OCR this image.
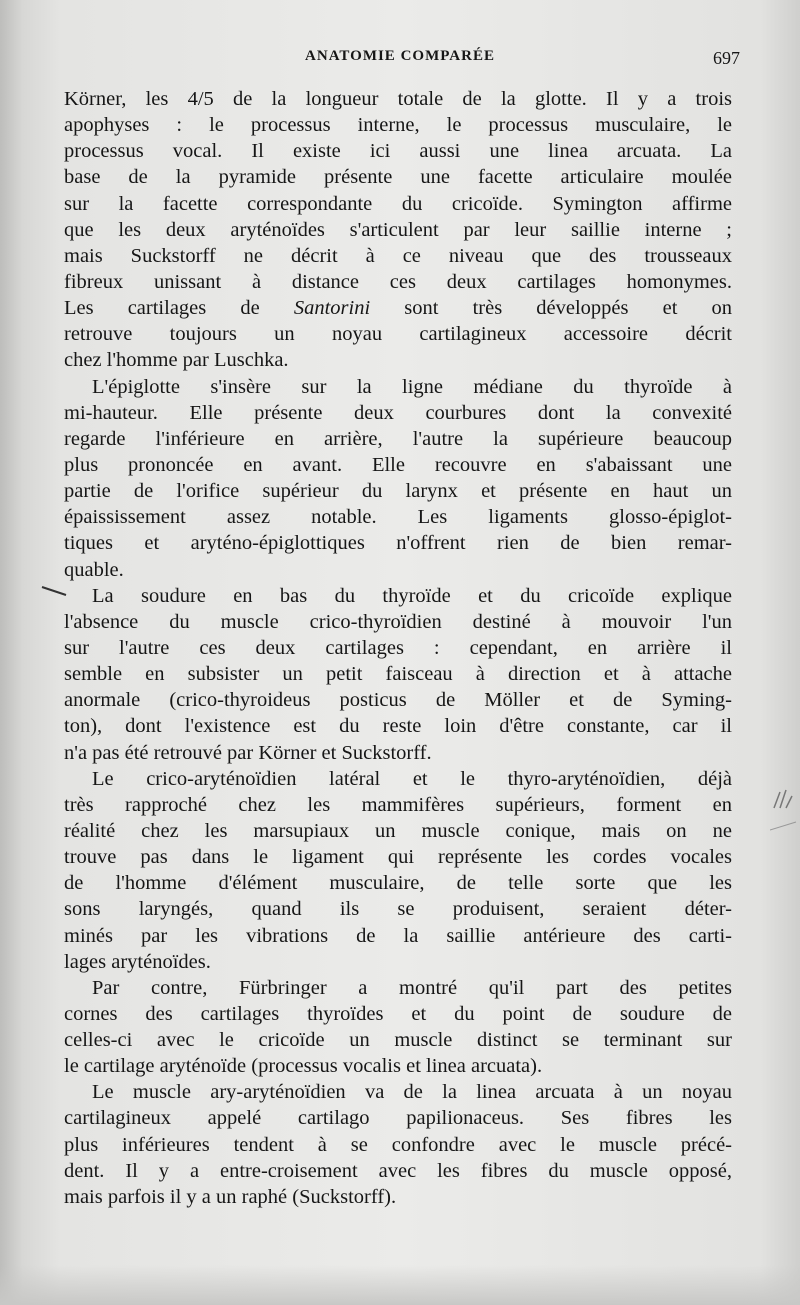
ANATOMIE COMPARÉE	697
Körner, les 4/5 de la longueur totale de la glotte. Il y a trois
apophyses : le processus interne, le processus musculaire, le
processus vocal. Il existe ici aussi une linea arcuata. La
base de la pyramide présente une facette articulaire moulée
sur la facette correspondante du cricoïde. Symington affirme
que les deux aryténoïdes s'articulent par leur saillie interne ;
mais Suckstorff ne décrit à ce niveau que des trousseaux
fibreux unissant à distance ces deux cartilages homonymes.
Les cartilages de Santorini sont très développés et on
retrouve toujours un noyau cartilagineux accessoire décrit
chez l'homme par Luschka.
L'épiglotte s'insère sur la ligne médiane du thyroïde à
mi-hauteur. Elle présente deux courbures dont la convexité
regarde l'inférieure en arrière, l'autre la supérieure beaucoup
plus prononcée en avant. Elle recouvre en s'abaissant une
partie de l'orifice supérieur du larynx et présente en haut un
épaississement assez notable. Les ligaments glosso-épiglot-
tiques et aryténo-épiglottiques n'offrent rien de bien remar-
quable.
La soudure en bas du thyroïde et du cricoïde explique
l'absence du muscle crico-thyroïdien destiné à mouvoir l'un
sur l'autre ces deux cartilages : cependant, en arrière il
semble en subsister un petit faisceau à direction et à attache
anormale (crico-thyroideus posticus de Möller et de Syming-
ton), dont l'existence est du reste loin d'être constante, car il
n'a pas été retrouvé par Körner et Suckstorff.
Le crico-aryténoïdien latéral et le thyro-aryténoïdien, déjà
très rapproché chez les mammifères supérieurs, forment en
réalité chez les marsupiaux un muscle conique, mais on ne
trouve pas dans le ligament qui représente les cordes vocales
de l'homme d'élément musculaire, de telle sorte que les
sons laryngés, quand ils se produisent, seraient déter-
minés par les vibrations de la saillie antérieure des carti-
lages aryténoïdes.
Par contre, Fürbringer a montré qu'il part des petites
cornes des cartilages thyroïdes et du point de soudure de
celles-ci avec le cricoïde un muscle distinct se terminant sur
le cartilage aryténoïde (processus vocalis et linea arcuata).
Le muscle ary-aryténoïdien va de la linea arcuata à un noyau
cartilagineux appelé cartilago papilionaceus. Ses fibres les
plus inférieures tendent à se confondre avec le muscle précé-
dent. Il y a entre-croisement avec les fibres du muscle opposé,
mais parfois il y a un raphé (Suckstorff).
